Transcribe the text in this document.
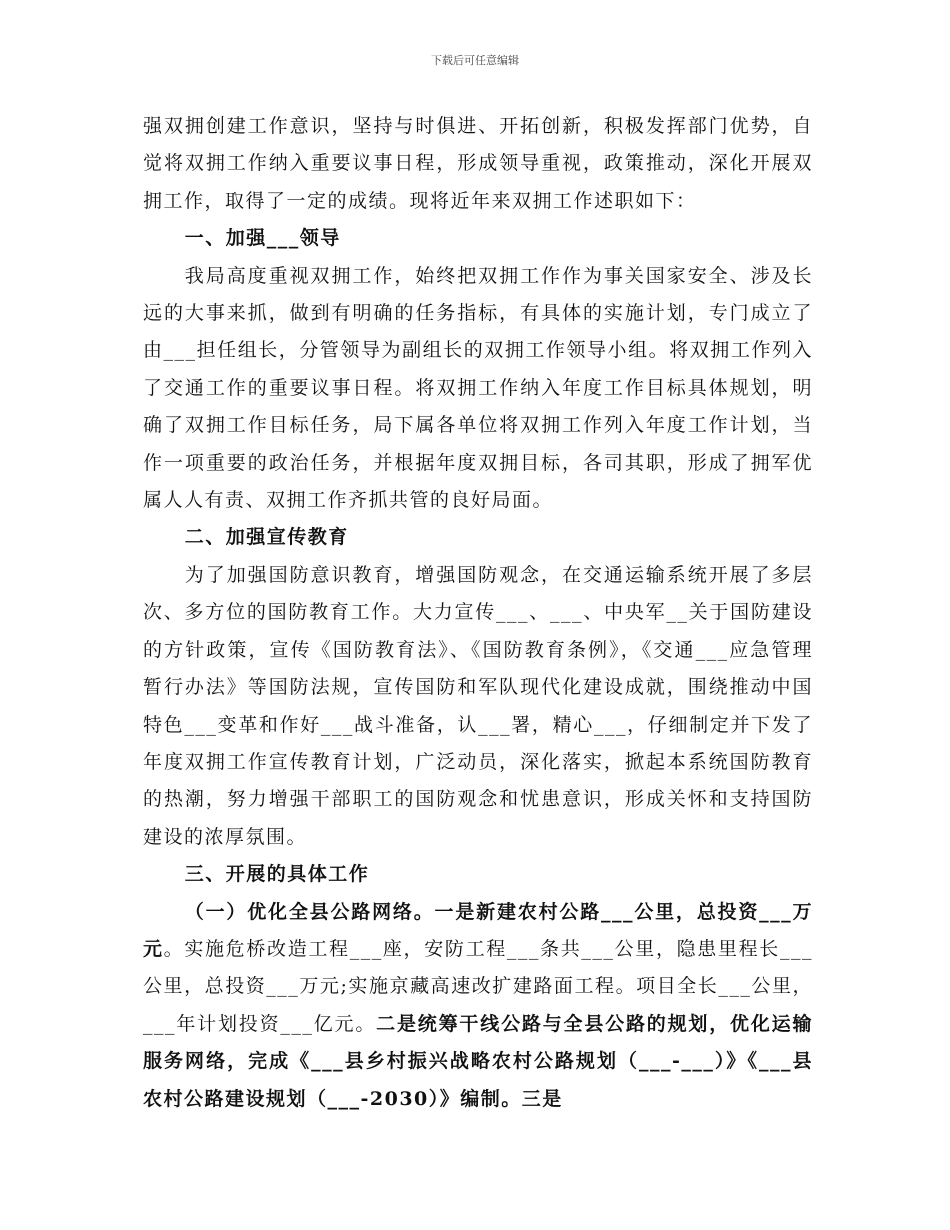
下载后可任意编辑

强双拥创建工作意识，坚持与时俱进、开拓创新，积极发挥部门优势，自觉将双拥工作纳入重要议事日程，形成领导重视，政策推动，深化开展双拥工作，取得了一定的成绩。现将近年来双拥工作述职如下：

一、加强___领导

我局高度重视双拥工作，始终把双拥工作作为事关国家安全、涉及长远的大事来抓，做到有明确的任务指标，有具体的实施计划，专门成立了由___担任组长，分管领导为副组长的双拥工作领导小组。将双拥工作列入了交通工作的重要议事日程。将双拥工作纳入年度工作目标具体规划，明确了双拥工作目标任务，局下属各单位将双拥工作列入年度工作计划，当作一项重要的政治任务，并根据年度双拥目标，各司其职，形成了拥军优属人人有责、双拥工作齐抓共管的良好局面。

二、加强宣传教育

为了加强国防意识教育，增强国防观念，在交通运输系统开展了多层次、多方位的国防教育工作。大力宣传___、___、中央军__关于国防建设的方针政策，宣传《国防教育法》、《国防教育条例》，《交通___应急管理暂行办法》等国防法规，宣传国防和军队现代化建设成就，围绕推动中国特色___变革和作好___战斗准备，认___署，精心___，仔细制定并下发了年度双拥工作宣传教育计划，广泛动员，深化落实，掀起本系统国防教育的热潮，努力增强干部职工的国防观念和忧患意识，形成关怀和支持国防建设的浓厚氛围。

三、开展的具体工作

（一）优化全县公路网络。一是新建农村公路___公里，总投资___万元。实施危桥改造工程___座，安防工程___条共___公里，隐患里程长___公里，总投资___万元;实施京藏高速改扩建路面工程。项目全长___公里，___年计划投资___亿元。二是统筹干线公路与全县公路的规划，优化运输服务网络，完成《___县乡村振兴战略农村公路规划（___-___）》《___县农村公路建设规划（___-2030）》编制。三是
